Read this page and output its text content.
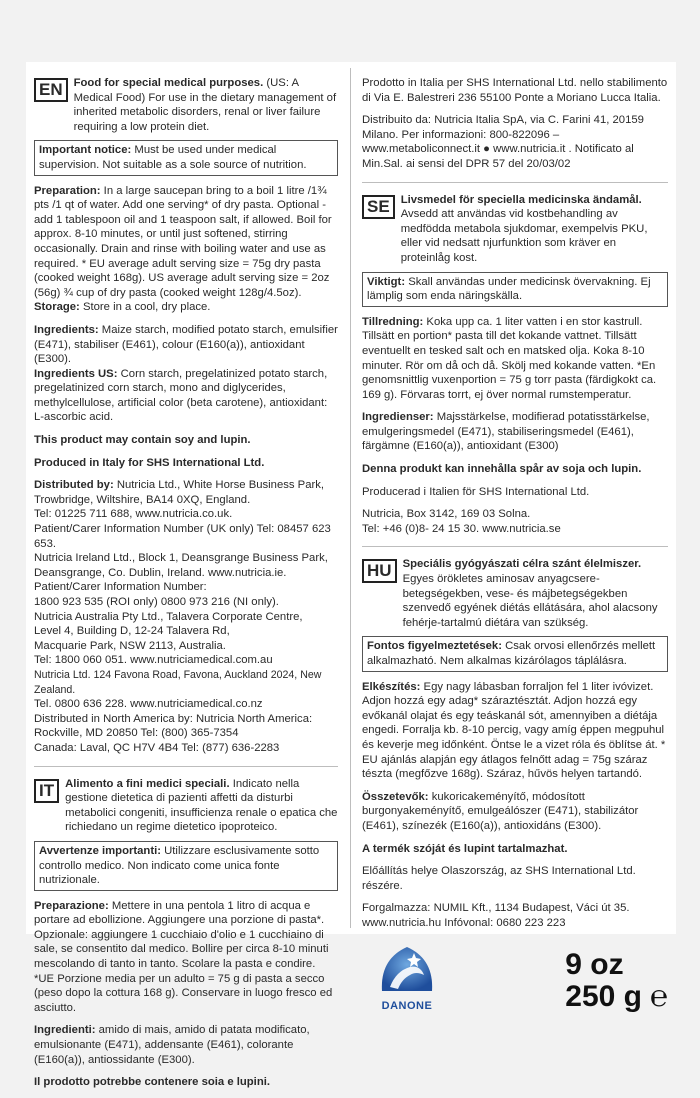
EN Food for special medical purposes. (US: A Medical Food) For use in the dietary management of inherited metabolic disorders, renal or liver failure requiring a low protein diet.
Important notice: Must be used under medical supervision. Not suitable as a sole source of nutrition.

Preparation: In a large saucepan bring to a boil 1 litre /1¾ pts /1 qt of water. Add one serving* of dry pasta. Optional - add 1 tablespoon oil and 1 teaspoon salt, if allowed. Boil for approx. 8-10 minutes, or until just softened, stirring occasionally. Drain and rinse with boiling water and use as required. * EU average adult serving size = 75g dry pasta (cooked weight 168g). US average adult serving size = 2oz (56g) ¾ cup of dry pasta (cooked weight 128g/4.5oz). Storage: Store in a cool, dry place.

Ingredients: Maize starch, modified potato starch, emulsifier (E471), stabiliser (E461), colour (E160(a)), antioxidant (E300).

Ingredients US: Corn starch, pregelatinized potato starch, pregelatinized corn starch, mono and diglycerides, methylcellulose, artificial color (beta carotene), antioxidant: L-ascorbic acid.

This product may contain soy and lupin.

Produced in Italy for SHS International Ltd.

Distributed by: Nutricia Ltd., White Horse Business Park, Trowbridge, Wiltshire, BA14 0XQ, England.
Tel: 01225 711 688, www.nutricia.co.uk.
Patient/Carer Information Number (UK only) Tel: 08457 623 653.
Nutricia Ireland Ltd., Block 1, Deansgrange Business Park, Deansgrange, Co. Dublin, Ireland. www.nutricia.ie.
Patient/Carer Information Number:
1800 923 535 (ROI only) 0800 973 216 (NI only).
Nutricia Australia Pty Ltd., Talavera Corporate Centre,
Level 4, Building D, 12-24 Talavera Rd,
Macquarie Park, NSW 2113, Australia.
Tel: 1800 060 051. www.nutriciamedical.com.au
Nutricia Ltd. 124 Favona Road, Favona, Auckland 2024, New Zealand.
Tel. 0800 636 228. www.nutriciamedical.co.nz
Distributed in North America by: Nutricia North America:
Rockville, MD 20850 Tel: (800) 365-7354
Canada: Laval, QC H7V 4B4 Tel: (877) 636-2283
IT Alimento a fini medici speciali. Indicato nella gestione dietetica di pazienti affetti da disturbi metabolici congeniti, insufficienza renale o epatica che richiedano un regime dietetico ipoproteico.
Avvertenze importanti: Utilizzare esclusivamente sotto controllo medico. Non indicato come unica fonte nutrizionale.

Preparazione: Mettere in una pentola 1 litro di acqua e portare ad ebollizione. Aggiungere una porzione di pasta*. Opzionale: aggiungere 1 cucchiaio d'olio e 1 cucchiaino di sale, se consentito dal medico. Bollire per circa 8-10 minuti mescolando di tanto in tanto. Scolare la pasta e condire. *UE Porzione media per un adulto = 75 g di pasta a secco (peso dopo la cottura 168 g). Conservare in luogo fresco ed asciutto.

Ingredienti: amido di mais, amido di patata modificato, emulsionante (E471), addensante (E461), colorante (E160(a)), antiossidante (E300).

Il prodotto potrebbe contenere soia e lupini.

Prodotto in Italia per SHS International Ltd. nello stabilimento di Via E. Balestreri 236 55100 Ponte a Moriano Lucca Italia.

Distribuito da: Nutricia Italia SpA, via C. Farini 41, 20159 Milano. Per informazioni: 800-822096 – www.metaboliconnect.it ● www.nutricia.it . Notificato al Min.Sal. ai sensi del DPR 57 del 20/03/02

SE Livsmedel för speciella medicinska ändamål. Avsedd att användas vid kostbehandling av medfödda metabola sjukdomar, exempelvis PKU, eller vid nedsatt njurfunktion som kräver en proteinlåg kost.
Viktigt: Skall användas under medicinsk övervakning. Ej lämplig som enda näringskälla.

Tillredning: Koka upp ca. 1 liter vatten i en stor kastrull. Tillsätt en portion* pasta till det kokande vattnet. Tillsätt eventuellt en tesked salt och en matsked olja. Koka 8-10 minuter. Rör om då och då. Skölj med kokande vatten. *En genomsnittlig vuxenportion = 75 g torr pasta (färdigkokt ca. 169 g). Förvaras torrt, ej över normal rumstemperatur.

Ingredienser: Majsstärkelse, modifierad potatisstärkelse, emulgeringsmedel (E471), stabiliseringsmedel (E461), färgämne (E160(a)), antioxidant (E300)

Denna produkt kan innehålla spår av soja och lupin.

Producerad i Italien för SHS International Ltd.

Nutricia, Box 3142, 169 03 Solna.
Tel: +46 (0)8- 24 15 30. www.nutricia.se

HU Speciális gyógyászati célra szánt élelmiszer. Egyes örökletes aminosav anyagcsere-betegségekben, vese- és májbetegségekben szenvedő egyének diétás ellátására, ahol alacsony fehérje-tartalmú diétára van szükség.
Fontos figyelmeztetések: Csak orvosi ellenőrzés mellett alkalmazható. Nem alkalmas kizárólagos táplálásra.

Elkészítés: Egy nagy lábasban forraljon fel 1 liter ivóvizet. Adjon hozzá egy adag* száraztésztát. Adjon hozzá egy evőkanál olajat és egy teáskanál sót, amennyiben a diétája engedi. Forralja kb. 8-10 percig, vagy amíg éppen megpuhul és keverje meg időnként. Öntse le a vizet róla és öblítse át. * EU ajánlás alapján egy átlagos felnőtt adag = 75g száraz tészta (megfőzve 168g). Száraz, hűvös helyen tartandó.

Összetevők: kukoricakeményítő, módosított burgonyakeményítő, emulgeálószer (E471), stabilizátor (E461), színezék (E160(a)), antioxidáns (E300).

A termék szóját és lupint tartalmazhat.

Előállítás helye Olaszország, az SHS International Ltd. részére.

Forgalmazza: NUMIL Kft., 1134 Budapest, Váci út 35.
www.nutricia.hu Infóvonal: 0680 223 223

DANONE
9 oz
250 g ℮
